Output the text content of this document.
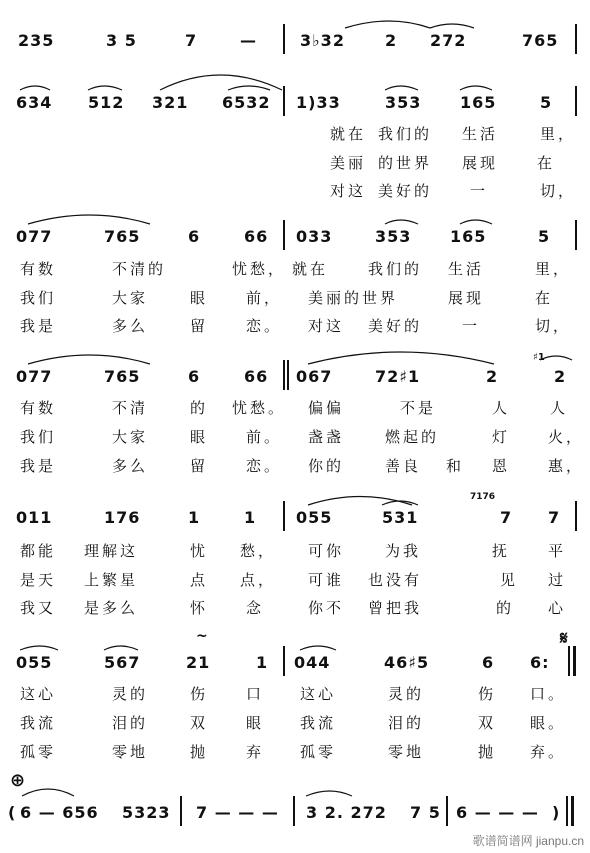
235	3 5	7	—	3♭32	2 272	765
634 512 321 6532 1)33	353 165	5
就在 我们的 生活	里，
美丽 的世界 展现	在
对这 美好的	一	切，
077	765	6	66 033	353 165	5
有数	不清的	忧愁， 就在	我们的 生活	里，
我们	大家	眼	前， 美丽的世界	展现	在
我是	多么	留	恋。 对这 美好的	一	切，
077	765	6	66 067	72♯1	2	2
有数	不清	的 忧愁。 偏偏	不是	人	人
我们	大家	眼	前。 盏盏	燃起的	灯	火，
我是	多么	留	恋。 你的	善良 和 恩	惠，
011	176	1	1 055	531	7 7
都能 理解这	忧 愁， 可你	为我	抚	平
是天 上繁星	点 点， 可谁 也没有	见 过
我又 是多么	怀	念	你不 曾把我	的 心
055	567	21	1 044	46♯5	6 6:
这心	灵的	伤	口 这心	灵的	伤 口。
我流	泪的	双	眼 我流	泪的	双 眼。
孤零	零地	抛	弃 孤零	零地	抛 弃。
( 6 — 656 5323 7 — — — 3 2. 272 7 5 6 — — — )
7176
♯1
𝄋
⊕
~
歌谱简谱网 jianpu.cn
